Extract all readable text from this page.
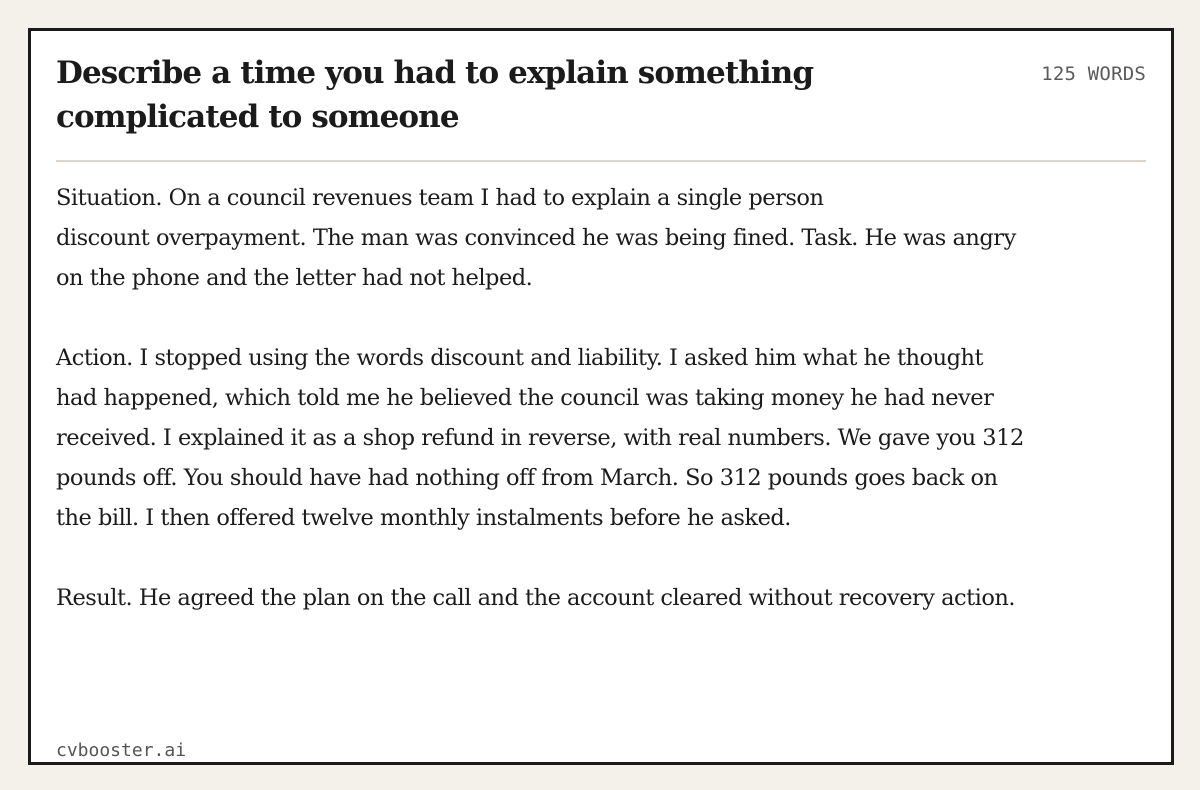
Describe a time you had to explain something complicated to someone
125 WORDS

Situation. On a council revenues team I had to explain a single person
discount overpayment. The man was convinced he was being fined. Task. He was angry on the phone and the letter had not helped.

Action. I stopped using the words discount and liability. I asked him what he thought had happened, which told me he believed the council was taking money he had never received. I explained it as a shop refund in reverse, with real numbers. We gave you 312 pounds off. You should have had nothing off from March. So 312 pounds goes back on the bill. I then offered twelve monthly instalments before he asked.

Result. He agreed the plan on the call and the account cleared without recovery action.

cvbooster.ai
